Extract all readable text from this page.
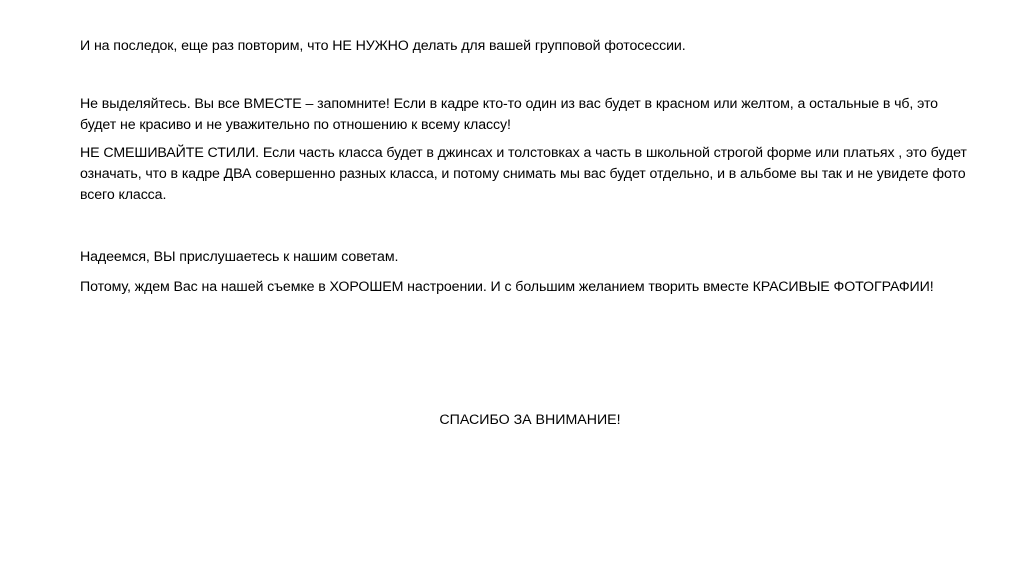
И на последок, еще раз повторим, что НЕ НУЖНО делать для вашей групповой фотосессии.

Не выделяйтесь. Вы все ВМЕСТЕ – запомните! Если в кадре кто-то один из вас будет в красном или желтом, а остальные в чб, это будет не красиво и не уважительно по отношению к всему классу!

НЕ СМЕШИВАЙТЕ СТИЛИ. Если часть класса будет в джинсах и толстовках а часть в школьной строгой форме или платьях , это будет означать, что в кадре ДВА совершенно разных класса, и потому снимать мы вас будет отдельно, и в альбоме вы так и не увидете фото всего класса.

Надеемся, ВЫ прислушаетесь к нашим советам.

Потому, ждем Вас на нашей съемке в ХОРОШЕМ настроении. И с большим желанием творить вместе КРАСИВЫЕ ФОТОГРАФИИ!

СПАСИБО ЗА ВНИМАНИЕ!
